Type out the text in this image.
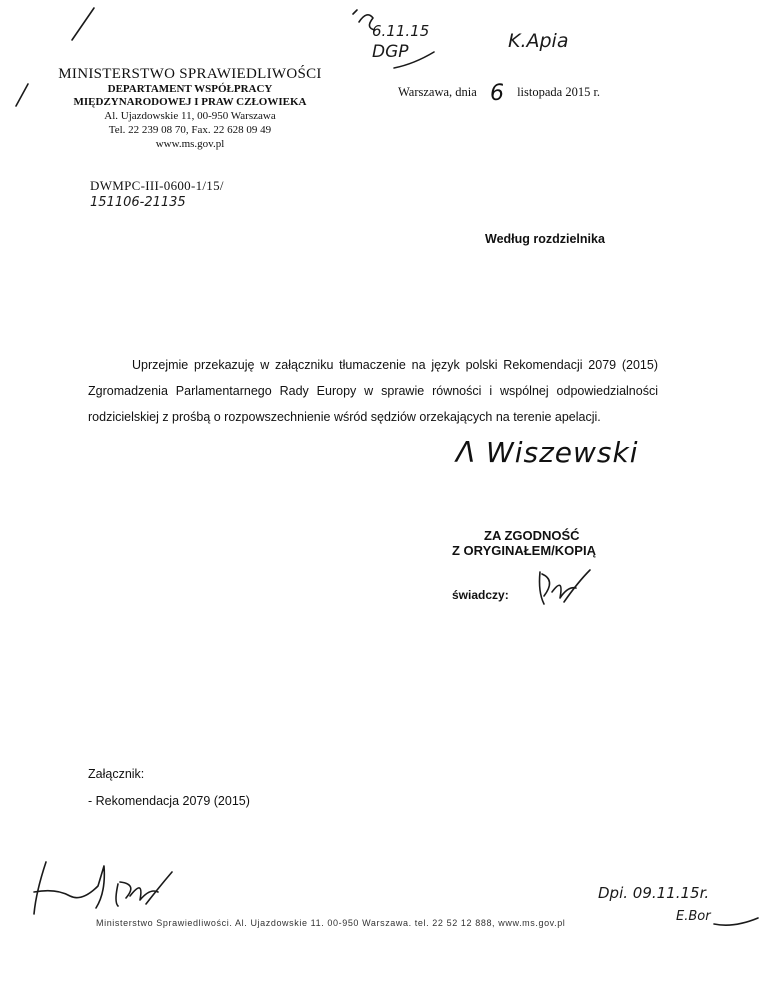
6.11.15
DGP	K.Apia
MINISTERSTWO SPRAWIEDLIWOŚCI
DEPARTAMENT WSPÓŁPRACY
MIĘDZYNARODOWEJ I PRAW CZŁOWIEKA
Al. Ujazdowskie 11, 00-950 Warszawa
Tel. 22 239 08 70, Fax. 22 628 09 49
www.ms.gov.pl
Warszawa, dnia 6 listopada 2015 r.
DWMPC-III-0600-1/15/
151106-21135
Według rozdzielnika
Uprzejmie przekazuję w załączniku tłumaczenie na język polski Rekomendacji 2079 (2015) Zgromadzenia Parlamentarnego Rady Europy w sprawie równości i wspólnej odpowiedzialności rodzicielskiej z prośbą o rozpowszechnienie wśród sędziów orzekających na terenie apelacji.
Λ Wiszewski
ZA ZGODNOŚĆ
Z ORYGINAŁEM/KOPIĄ
świadczy:
Załącznik:
- Rekomendacja 2079 (2015)
Dpi. 09.11.15r.
E.Bor
Ministerstwo Sprawiedliwości. Al. Ujazdowskie 11. 00-950 Warszawa. tel. 22 52 12 888, www.ms.gov.pl
